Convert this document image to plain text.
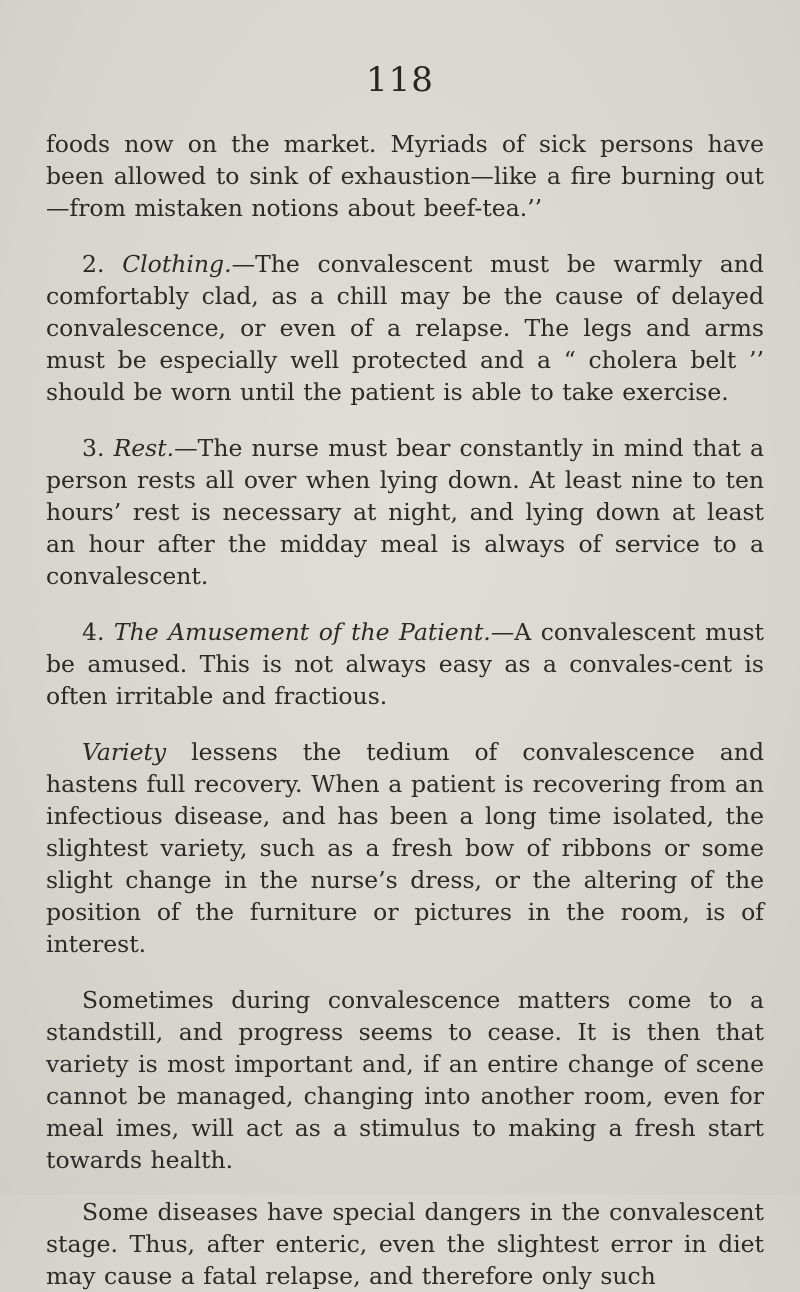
118

foods now on the market. Myriads of sick persons have been allowed to sink of exhaustion—like a fire burning out—from mistaken notions about beef-tea.’’

2. Clothing.—The convalescent must be warmly and comfortably clad, as a chill may be the cause of delayed convalescence, or even of a relapse. The legs and arms must be especially well protected and a “ cholera belt ’’ should be worn until the patient is able to take exercise.

3. Rest.—The nurse must bear constantly in mind that a person rests all over when lying down. At least nine to ten hours’ rest is necessary at night, and lying down at least an hour after the midday meal is always of service to a convalescent.

4. The Amusement of the Patient.—A convalescent must be amused. This is not always easy as a convales-cent is often irritable and fractious.

Variety lessens the tedium of convalescence and hastens full recovery. When a patient is recovering from an infectious disease, and has been a long time isolated, the slightest variety, such as a fresh bow of ribbons or some slight change in the nurse’s dress, or the altering of the position of the furniture or pictures in the room, is of interest.

Sometimes during convalescence matters come to a standstill, and progress seems to cease. It is then that variety is most important and, if an entire change of scene cannot be managed, changing into another room, even for meal imes, will act as a stimulus to making a fresh start towards health.

Some diseases have special dangers in the convalescent stage. Thus, after enteric, even the slightest error in diet may cause a fatal relapse, and therefore only such
